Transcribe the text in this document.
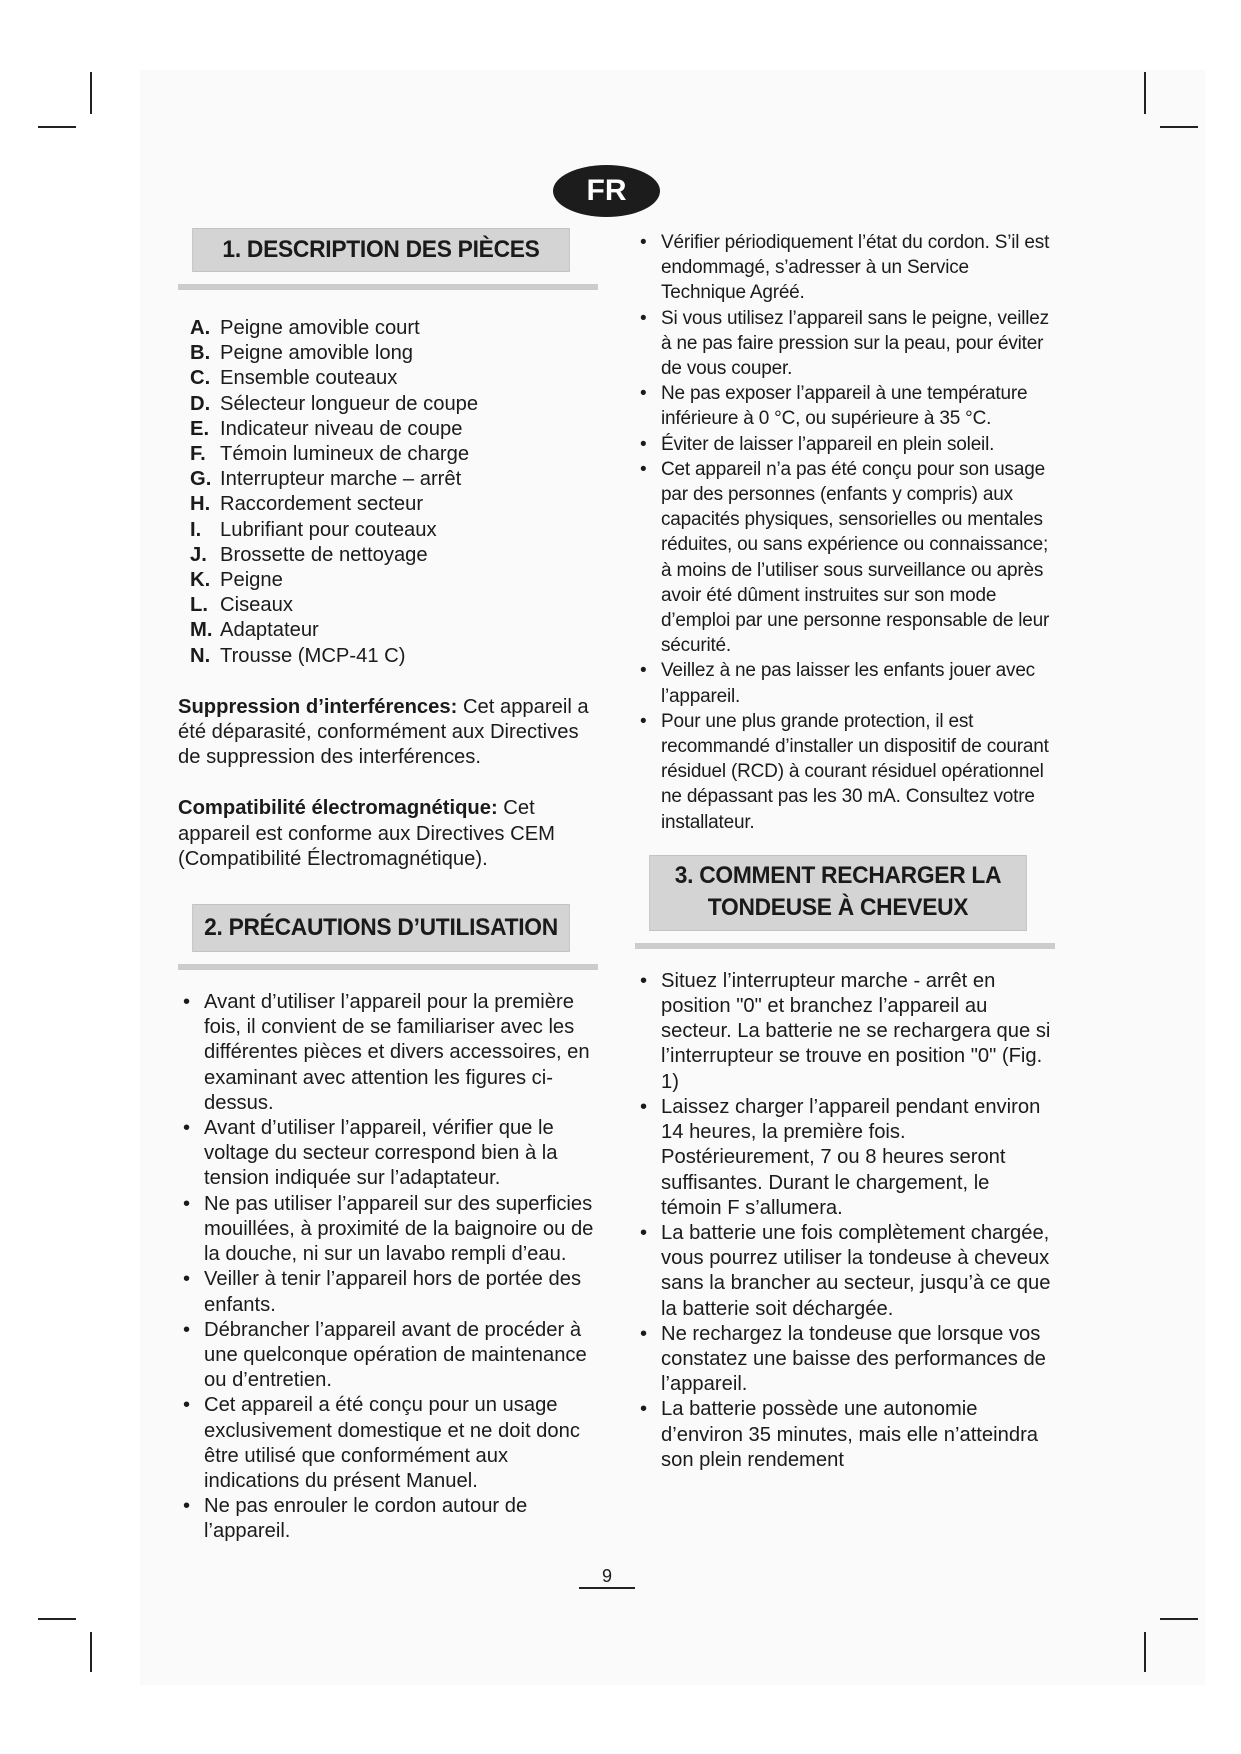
FR
1. DESCRIPTION DES PIÈCES
A. Peigne amovible court
B. Peigne amovible long
C. Ensemble couteaux
D. Sélecteur longueur de coupe
E. Indicateur niveau de coupe
F. Témoin lumineux de charge
G. Interrupteur marche – arrêt
H. Raccordement secteur
I. Lubrifiant pour couteaux
J. Brossette de nettoyage
K. Peigne
L. Ciseaux
M. Adaptateur
N. Trousse (MCP-41 C)

Suppression d’interférences: Cet appareil a été déparasité, conformément aux Directives de suppression des interférences.

Compatibilité électromagnétique: Cet appareil est conforme aux Directives CEM (Compatibilité Électromagnétique).

2. PRÉCAUTIONS D’UTILISATION
• Avant d’utiliser l’appareil pour la première fois, il convient de se familiariser avec les différentes pièces et divers accessoires, en examinant avec attention les figures ci-dessus.
• Avant d’utiliser l’appareil, vérifier que le voltage du secteur correspond bien à la tension indiquée sur l’adaptateur.
• Ne pas utiliser l’appareil sur des superficies mouillées, à proximité de la baignoire ou de la douche, ni sur un lavabo rempli d’eau.
• Veiller à tenir l’appareil hors de portée des enfants.
• Débrancher l’appareil avant de procéder à une quelconque opération de maintenance ou d’entretien.
• Cet appareil a été conçu pour un usage exclusivement domestique et ne doit donc être utilisé que conformément aux indications du présent Manuel.
• Ne pas enrouler le cordon autour de l’appareil.
• Vérifier périodiquement l’état du cordon. S’il est endommagé, s’adresser à un Service Technique Agréé.
• Si vous utilisez l’appareil sans le peigne, veillez à ne pas faire pression sur la peau, pour éviter de vous couper.
• Ne pas exposer l’appareil à une température inférieure à 0 °C, ou supérieure à 35 °C.
• Éviter de laisser l’appareil en plein soleil.
• Cet appareil n’a pas été conçu pour son usage par des personnes (enfants y compris) aux capacités physiques, sensorielles ou mentales réduites, ou sans expérience ou connaissance; à moins de l’utiliser sous surveillance ou après avoir été dûment instruites sur son mode d’emploi par une personne responsable de leur sécurité.
• Veillez à ne pas laisser les enfants jouer avec l’appareil.
• Pour une plus grande protection, il est recommandé d’installer un dispositif de courant résiduel (RCD) à courant résiduel opérationnel ne dépassant pas les 30 mA. Consultez votre installateur.
3. COMMENT RECHARGER LA
TONDEUSE À CHEVEUX
• Situez l’interrupteur marche - arrêt en position "0" et branchez l’appareil au secteur. La batterie ne se rechargera que si l’interrupteur se trouve en position "0" (Fig. 1)
• Laissez charger l’appareil pendant environ 14 heures, la première fois. Postérieurement, 7 ou 8 heures seront suffisantes. Durant le chargement, le témoin F s’allumera.
• La batterie une fois complètement chargée, vous pourrez utiliser la tondeuse à cheveux sans la brancher au secteur, jusqu’à ce que la batterie soit déchargée.
• Ne rechargez la tondeuse que lorsque vos constatez une baisse des performances de l’appareil.
• La batterie possède une autonomie d’environ 35 minutes, mais elle n’atteindra son plein rendement
9
